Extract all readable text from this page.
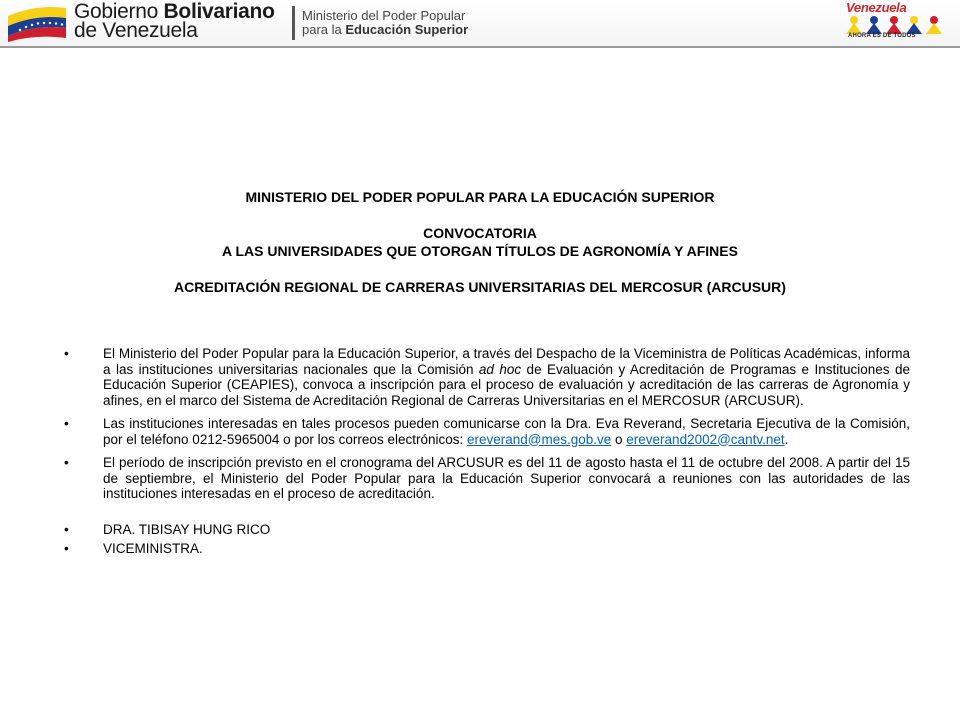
Gobierno Bolivariano
de Venezuela
Ministerio del Poder Popular
para la Educación Superior
Venezuela
AHORA ES DE TODOS
MINISTERIO DEL PODER POPULAR PARA LA EDUCACIÓN SUPERIOR
CONVOCATORIA
A LAS UNIVERSIDADES QUE OTORGAN TÍTULOS DE AGRONOMÍA Y AFINES
ACREDITACIÓN REGIONAL DE CARRERAS UNIVERSITARIAS DEL MERCOSUR (ARCUSUR)
•	El Ministerio del Poder Popular para la Educación Superior, a través del Despacho de la Viceministra de Políticas Académicas, informa a las instituciones universitarias nacionales que la Comisión ad hoc de Evaluación y Acreditación de Programas e Instituciones de Educación Superior (CEAPIES), convoca a inscripción para el proceso de evaluación y acreditación de las carreras de Agronomía y afines, en el marco del Sistema de Acreditación Regional de Carreras Universitarias en el MERCOSUR (ARCUSUR).
•	Las instituciones interesadas en tales procesos pueden comunicarse con la Dra. Eva Reverand, Secretaria Ejecutiva de la Comisión, por el teléfono 0212-5965004 o por los correos electrónicos: ereverand@mes.gob.ve o ereverand2002@cantv.net.
•	El período de inscripción previsto en el cronograma del ARCUSUR es del 11 de agosto hasta el 11 de octubre del 2008. A partir del 15 de septiembre, el Ministerio del Poder Popular para la Educación Superior convocará a reuniones con las autoridades de las instituciones interesadas en el proceso de acreditación.
•	DRA. TIBISAY HUNG RICO
•	VICEMINISTRA.
